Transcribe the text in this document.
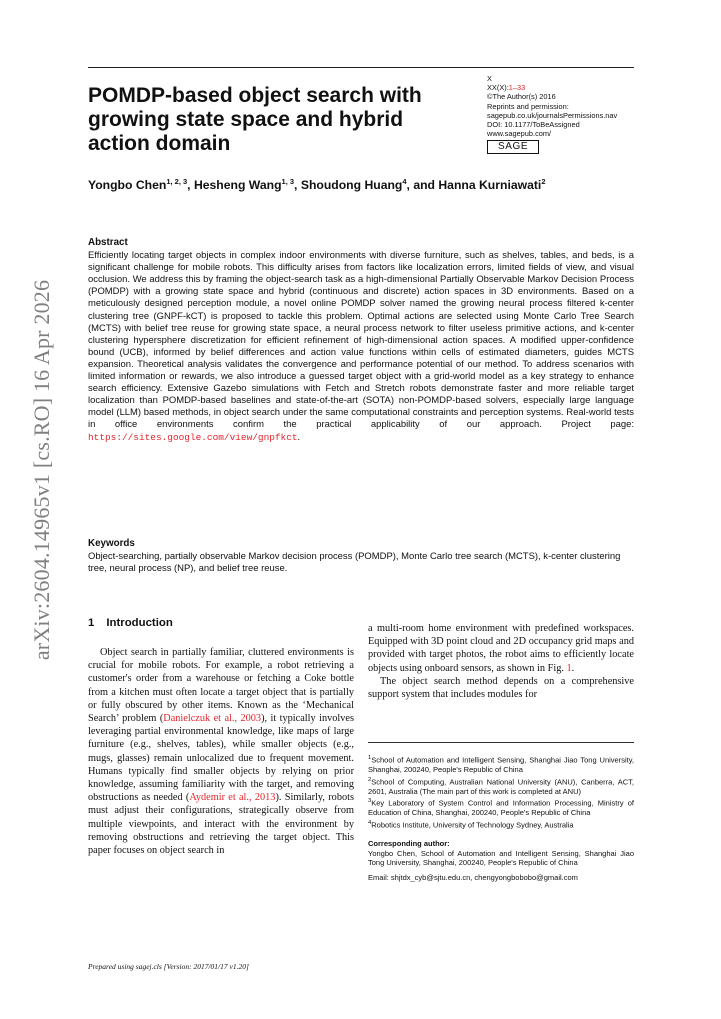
arXiv:2604.14965v1 [cs.RO] 16 Apr 2026
POMDP-based object search with growing state space and hybrid action domain
X
XX(X):1–33
©The Author(s) 2016
Reprints and permission:
sagepub.co.uk/journalsPermissions.nav
DOI: 10.1177/ToBeAssigned
www.sagepub.com/
SAGE
Yongbo Chen$^{1, 2, 3}$, Hesheng Wang$^{1, 3}$, Shoudong Huang$^4$, and Hanna Kurniawati$^2$
Abstract
Efficiently locating target objects in complex indoor environments with diverse furniture, such as shelves, tables, and beds, is a significant challenge for mobile robots. This difficulty arises from factors like localization errors, limited fields of view, and visual occlusion. We address this by framing the object-search task as a high-dimensional Partially Observable Markov Decision Process (POMDP) with a growing state space and hybrid (continuous and discrete) action spaces in 3D environments. Based on a meticulously designed perception module, a novel online POMDP solver named the growing neural process filtered k-center clustering tree (GNPF-kCT) is proposed to tackle this problem. Optimal actions are selected using Monte Carlo Tree Search (MCTS) with belief tree reuse for growing state space, a neural process network to filter useless primitive actions, and k-center clustering hypersphere discretization for efficient refinement of high-dimensional action spaces. A modified upper-confidence bound (UCB), informed by belief differences and action value functions within cells of estimated diameters, guides MCTS expansion. Theoretical analysis validates the convergence and performance potential of our method. To address scenarios with limited information or rewards, we also introduce a guessed target object with a grid-world model as a key strategy to enhance search efficiency. Extensive Gazebo simulations with Fetch and Stretch robots demonstrate faster and more reliable target localization than POMDP-based baselines and state-of-the-art (SOTA) non-POMDP-based solvers, especially large language model (LLM) based methods, in object search under the same computational constraints and perception systems. Real-world tests in office environments confirm the practical applicability of our approach. Project page: https://sites.google.com/view/gnpfkct.
Keywords
Object-searching, partially observable Markov decision process (POMDP), Monte Carlo tree search (MCTS), k-center clustering tree, neural process (NP), and belief tree reuse.
1 Introduction
Object search in partially familiar, cluttered environments is crucial for mobile robots. For example, a robot retrieving a customer's order from a warehouse or fetching a Coke bottle from a kitchen must often locate a target object that is partially or fully obscured by other items. Known as the ‘Mechanical Search’ problem (Danielczuk et al., 2003), it typically involves leveraging partial environmental knowledge, like maps of large furniture (e.g., shelves, tables), while smaller objects (e.g., mugs, glasses) remain unlocalized due to frequent movement. Humans typically find smaller objects by relying on prior knowledge, assuming familiarity with the target, and removing obstructions as needed (Aydemir et al., 2013). Similarly, robots must adjust their configurations, strategically observe from multiple viewpoints, and interact with the environment by removing obstructions and retrieving the target object. This paper focuses on object search in
a multi-room home environment with predefined workspaces. Equipped with 3D point cloud and 2D occupancy grid maps and provided with target photos, the robot aims to efficiently locate objects using onboard sensors, as shown in Fig. 1.
The object search method depends on a comprehensive support system that includes modules for
$^1$School of Automation and Intelligent Sensing, Shanghai Jiao Tong University, Shanghai, 200240, People's Republic of China
$^2$School of Computing, Australian National University (ANU), Canberra, ACT, 2601, Australia (The main part of this work is completed at ANU)
$^3$Key Laboratory of System Control and Information Processing, Ministry of Education of China, Shanghai, 200240, People's Republic of China
$^4$Robotics Institute, University of Technology Sydney, Australia
Corresponding author:
Yongbo Chen, School of Automation and Intelligent Sensing, Shanghai Jiao Tong University, Shanghai, 200240, People's Republic of China
Email: shjtdx_cyb@sjtu.edu.cn, chengyongbobobo@gmail.com
Prepared using sagej.cls [Version: 2017/01/17 v1.20]
